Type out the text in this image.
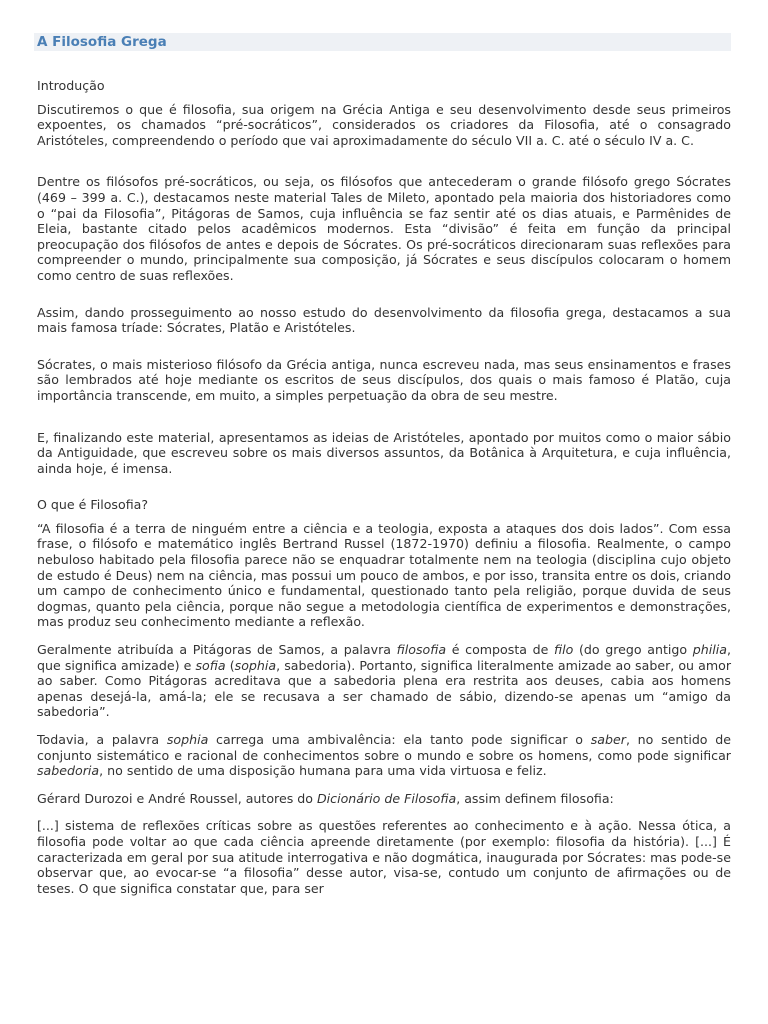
A Filosofia Grega

Introdução

Discutiremos o que é filosofia, sua origem na Grécia Antiga e seu desenvolvimento desde seus primeiros expoentes, os chamados “pré-socráticos”, considerados os criadores da Filosofia, até o consagrado Aristóteles, compreendendo o período que vai aproximadamente do século VII a. C. até o século IV a. C.

Dentre os filósofos pré-socráticos, ou seja, os filósofos que antecederam o grande filósofo grego Sócrates (469 – 399 a. C.), destacamos neste material Tales de Mileto, apontado pela maioria dos historiadores como o “pai da Filosofia”, Pitágoras de Samos, cuja influência se faz sentir até os dias atuais, e Parmênides de Eleia, bastante citado pelos acadêmicos modernos. Esta “divisão” é feita em função da principal preocupação dos filósofos de antes e depois de Sócrates. Os pré-socráticos direcionaram suas reflexões para compreender o mundo, principalmente sua composição, já Sócrates e seus discípulos colocaram o homem como centro de suas reflexões.

Assim, dando prosseguimento ao nosso estudo do desenvolvimento da filosofia grega, destacamos a sua mais famosa tríade: Sócrates, Platão e Aristóteles.

Sócrates, o mais misterioso filósofo da Grécia antiga, nunca escreveu nada, mas seus ensinamentos e frases são lembrados até hoje mediante os escritos de seus discípulos, dos quais o mais famoso é Platão, cuja importância transcende, em muito, a simples perpetuação da obra de seu mestre.

E, finalizando este material, apresentamos as ideias de Aristóteles, apontado por muitos como o maior sábio da Antiguidade, que escreveu sobre os mais diversos assuntos, da Botânica à Arquitetura, e cuja influência, ainda hoje, é imensa.

O que é Filosofia?

“A filosofia é a terra de ninguém entre a ciência e a teologia, exposta a ataques dos dois lados”. Com essa frase, o filósofo e matemático inglês Bertrand Russel (1872-1970) definiu a filosofia. Realmente, o campo nebuloso habitado pela filosofia parece não se enquadrar totalmente nem na teologia (disciplina cujo objeto de estudo é Deus) nem na ciência, mas possui um pouco de ambos, e por isso, transita entre os dois, criando um campo de conhecimento único e fundamental, questionado tanto pela religião, porque duvida de seus dogmas, quanto pela ciência, porque não segue a metodologia científica de experimentos e demonstrações, mas produz seu conhecimento mediante a reflexão.

Geralmente atribuída a Pitágoras de Samos, a palavra filosofia é composta de filo (do grego antigo philia, que significa amizade) e sofia (sophia, sabedoria). Portanto, significa literalmente amizade ao saber, ou amor ao saber. Como Pitágoras acreditava que a sabedoria plena era restrita aos deuses, cabia aos homens apenas desejá-la, amá-la; ele se recusava a ser chamado de sábio, dizendo-se apenas um “amigo da sabedoria”.

Todavia, a palavra sophia carrega uma ambivalência: ela tanto pode significar o saber, no sentido de conjunto sistemático e racional de conhecimentos sobre o mundo e sobre os homens, como pode significar sabedoria, no sentido de uma disposição humana para uma vida virtuosa e feliz.

Gérard Durozoi e André Roussel, autores do Dicionário de Filosofia, assim definem filosofia:

[...] sistema de reflexões críticas sobre as questões referentes ao conhecimento e à ação. Nessa ótica, a filosofia pode voltar ao que cada ciência apreende diretamente (por exemplo: filosofia da história). [...] É caracterizada em geral por sua atitude interrogativa e não dogmática, inaugurada por Sócrates: mas pode-se observar que, ao evocar-se “a filosofia” desse autor, visa-se, contudo um conjunto de afirmações ou de teses. O que significa constatar que, para ser
